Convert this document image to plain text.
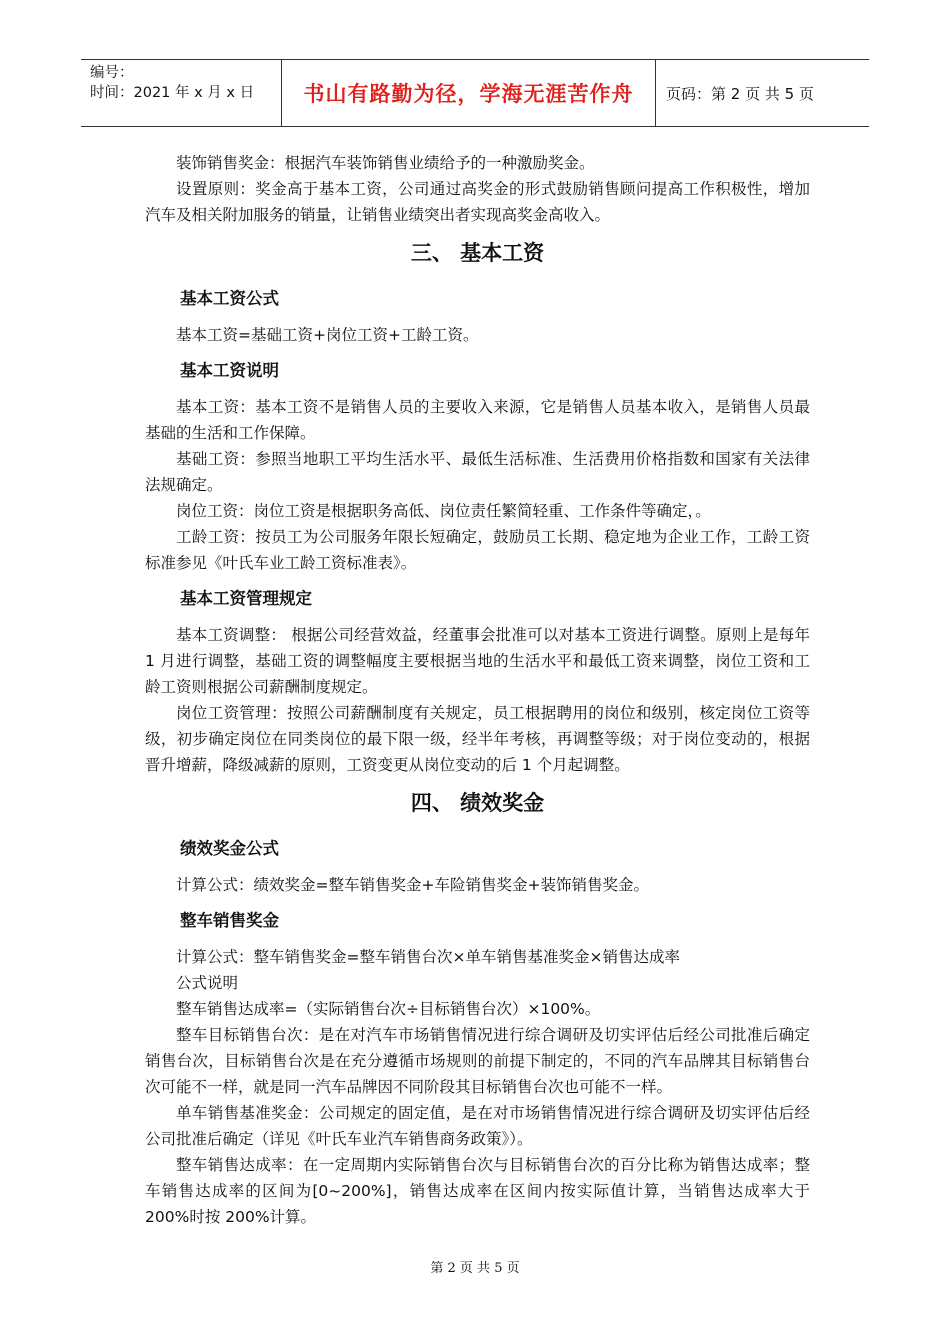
编号：
时间：2021 年 x 月 x 日	书山有路勤为径，学海无涯苦作舟	页码：第 2 页 共 5 页

装饰销售奖金：根据汽车装饰销售业绩给予的一种激励奖金。

设置原则：奖金高于基本工资，公司通过高奖金的形式鼓励销售顾问提高工作积极性，增加汽车及相关附加服务的销量，让销售业绩突出者实现高奖金高收入。

三、 基本工资
基本工资公式

基本工资=基础工资+岗位工资+工龄工资。

基本工资说明

基本工资：基本工资不是销售人员的主要收入来源，它是销售人员基本收入，是销售人员最基础的生活和工作保障。

基础工资：参照当地职工平均生活水平、最低生活标准、生活费用价格指数和国家有关法律法规确定。

岗位工资：岗位工资是根据职务高低、岗位责任繁简轻重、工作条件等确定，。

工龄工资：按员工为公司服务年限长短确定，鼓励员工长期、稳定地为企业工作，工龄工资标准参见《叶氏车业工龄工资标准表》。

基本工资管理规定

基本工资调整： 根据公司经营效益，经董事会批准可以对基本工资进行调整。原则上是每年 1 月进行调整，基础工资的调整幅度主要根据当地的生活水平和最低工资来调整，岗位工资和工龄工资则根据公司薪酬制度规定。

岗位工资管理：按照公司薪酬制度有关规定，员工根据聘用的岗位和级别，核定岗位工资等级，初步确定岗位在同类岗位的最下限一级，经半年考核，再调整等级；对于岗位变动的，根据晋升增薪，降级减薪的原则，工资变更从岗位变动的后 1 个月起调整。

四、 绩效奖金
绩效奖金公式

计算公式：绩效奖金=整车销售奖金+车险销售奖金+装饰销售奖金。

整车销售奖金

计算公式：整车销售奖金=整车销售台次×单车销售基准奖金×销售达成率

公式说明

整车销售达成率=（实际销售台次÷目标销售台次）×100%。

整车目标销售台次：是在对汽车市场销售情况进行综合调研及切实评估后经公司批准后确定销售台次，目标销售台次是在充分遵循市场规则的前提下制定的，不同的汽车品牌其目标销售台次可能不一样，就是同一汽车品牌因不同阶段其目标销售台次也可能不一样。

单车销售基准奖金：公司规定的固定值，是在对市场销售情况进行综合调研及切实评估后经公司批准后确定（详见《叶氏车业汽车销售商务政策》）。

整车销售达成率：在一定周期内实际销售台次与目标销售台次的百分比称为销售达成率；整车销售达成率的区间为[0~200%]，销售达成率在区间内按实际值计算，当销售达成率大于 200%时按 200%计算。

第 2 页 共 5 页
